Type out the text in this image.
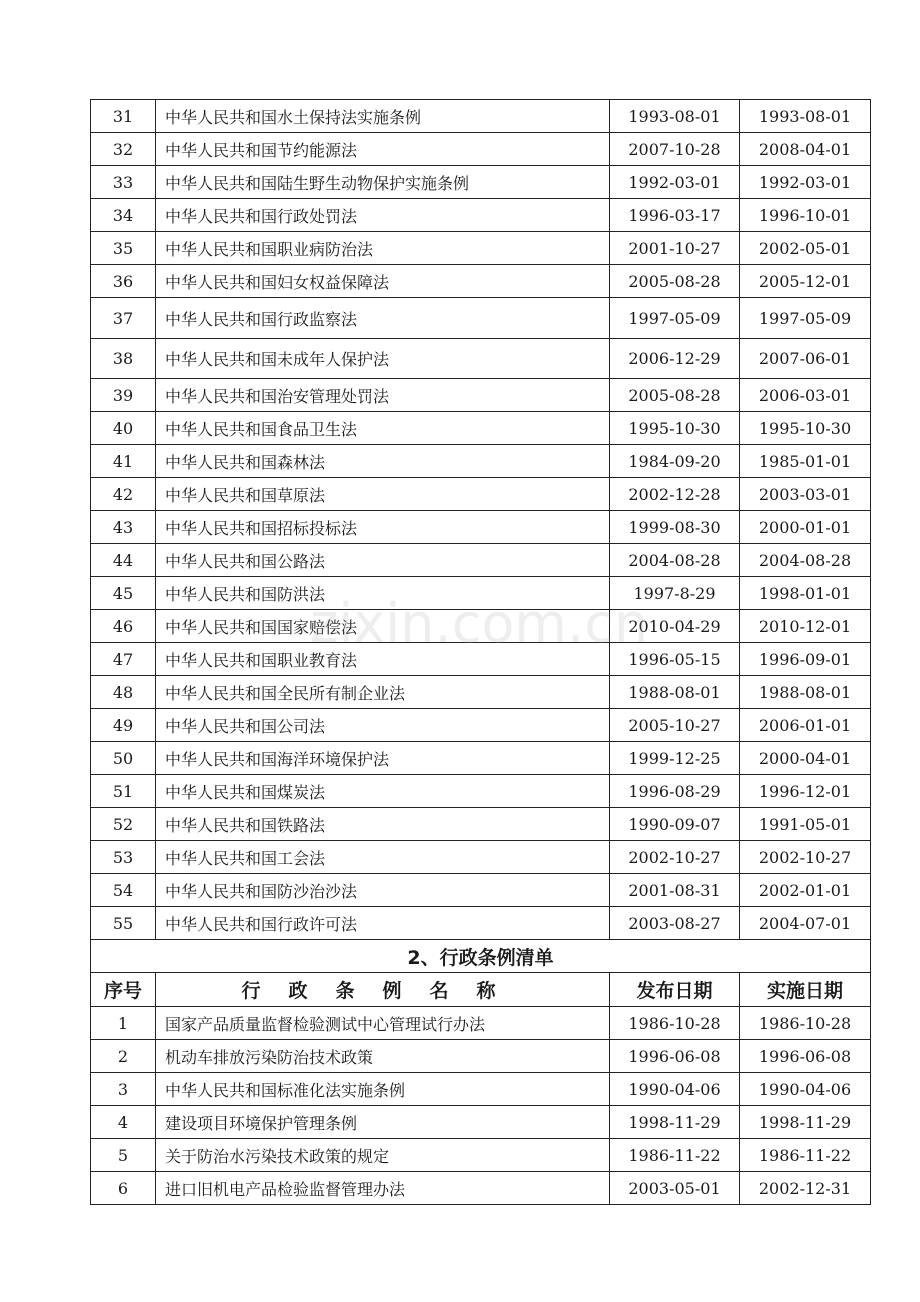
31	中华人民共和国水土保持法实施条例	1993-08-01	1993-08-01
32	中华人民共和国节约能源法	2007-10-28	2008-04-01
33	中华人民共和国陆生野生动物保护实施条例	1992-03-01	1992-03-01
34	中华人民共和国行政处罚法	1996-03-17	1996-10-01
35	中华人民共和国职业病防治法	2001-10-27	2002-05-01
36	中华人民共和国妇女权益保障法	2005-08-28	2005-12-01
37	中华人民共和国行政监察法	1997-05-09	1997-05-09
38	中华人民共和国未成年人保护法	2006-12-29	2007-06-01
39	中华人民共和国治安管理处罚法	2005-08-28	2006-03-01
40	中华人民共和国食品卫生法	1995-10-30	1995-10-30
41	中华人民共和国森林法	1984-09-20	1985-01-01
42	中华人民共和国草原法	2002-12-28	2003-03-01
43	中华人民共和国招标投标法	1999-08-30	2000-01-01
44	中华人民共和国公路法	2004-08-28	2004-08-28
45	中华人民共和国防洪法	1997-8-29	1998-01-01
46	中华人民共和国国家赔偿法	2010-04-29	2010-12-01
47	中华人民共和国职业教育法	1996-05-15	1996-09-01
48	中华人民共和国全民所有制企业法	1988-08-01	1988-08-01
49	中华人民共和国公司法	2005-10-27	2006-01-01
50	中华人民共和国海洋环境保护法	1999-12-25	2000-04-01
51	中华人民共和国煤炭法	1996-08-29	1996-12-01
52	中华人民共和国铁路法	1990-09-07	1991-05-01
53	中华人民共和国工会法	2002-10-27	2002-10-27
54	中华人民共和国防沙治沙法	2001-08-31	2002-01-01
55	中华人民共和国行政许可法	2003-08-27	2004-07-01
2、行政条例清单			
序号	行政条例名称	发布日期	实施日期
1	国家产品质量监督检验测试中心管理试行办法	1986-10-28	1986-10-28
2	机动车排放污染防治技术政策	1996-06-08	1996-06-08
3	中华人民共和国标准化法实施条例	1990-04-06	1990-04-06
4	建设项目环境保护管理条例	1998-11-29	1998-11-29
5	关于防治水污染技术政策的规定	1986-11-22	1986-11-22
6	进口旧机电产品检验监督管理办法	2003-05-01	2002-12-31
zixin.com.cn
